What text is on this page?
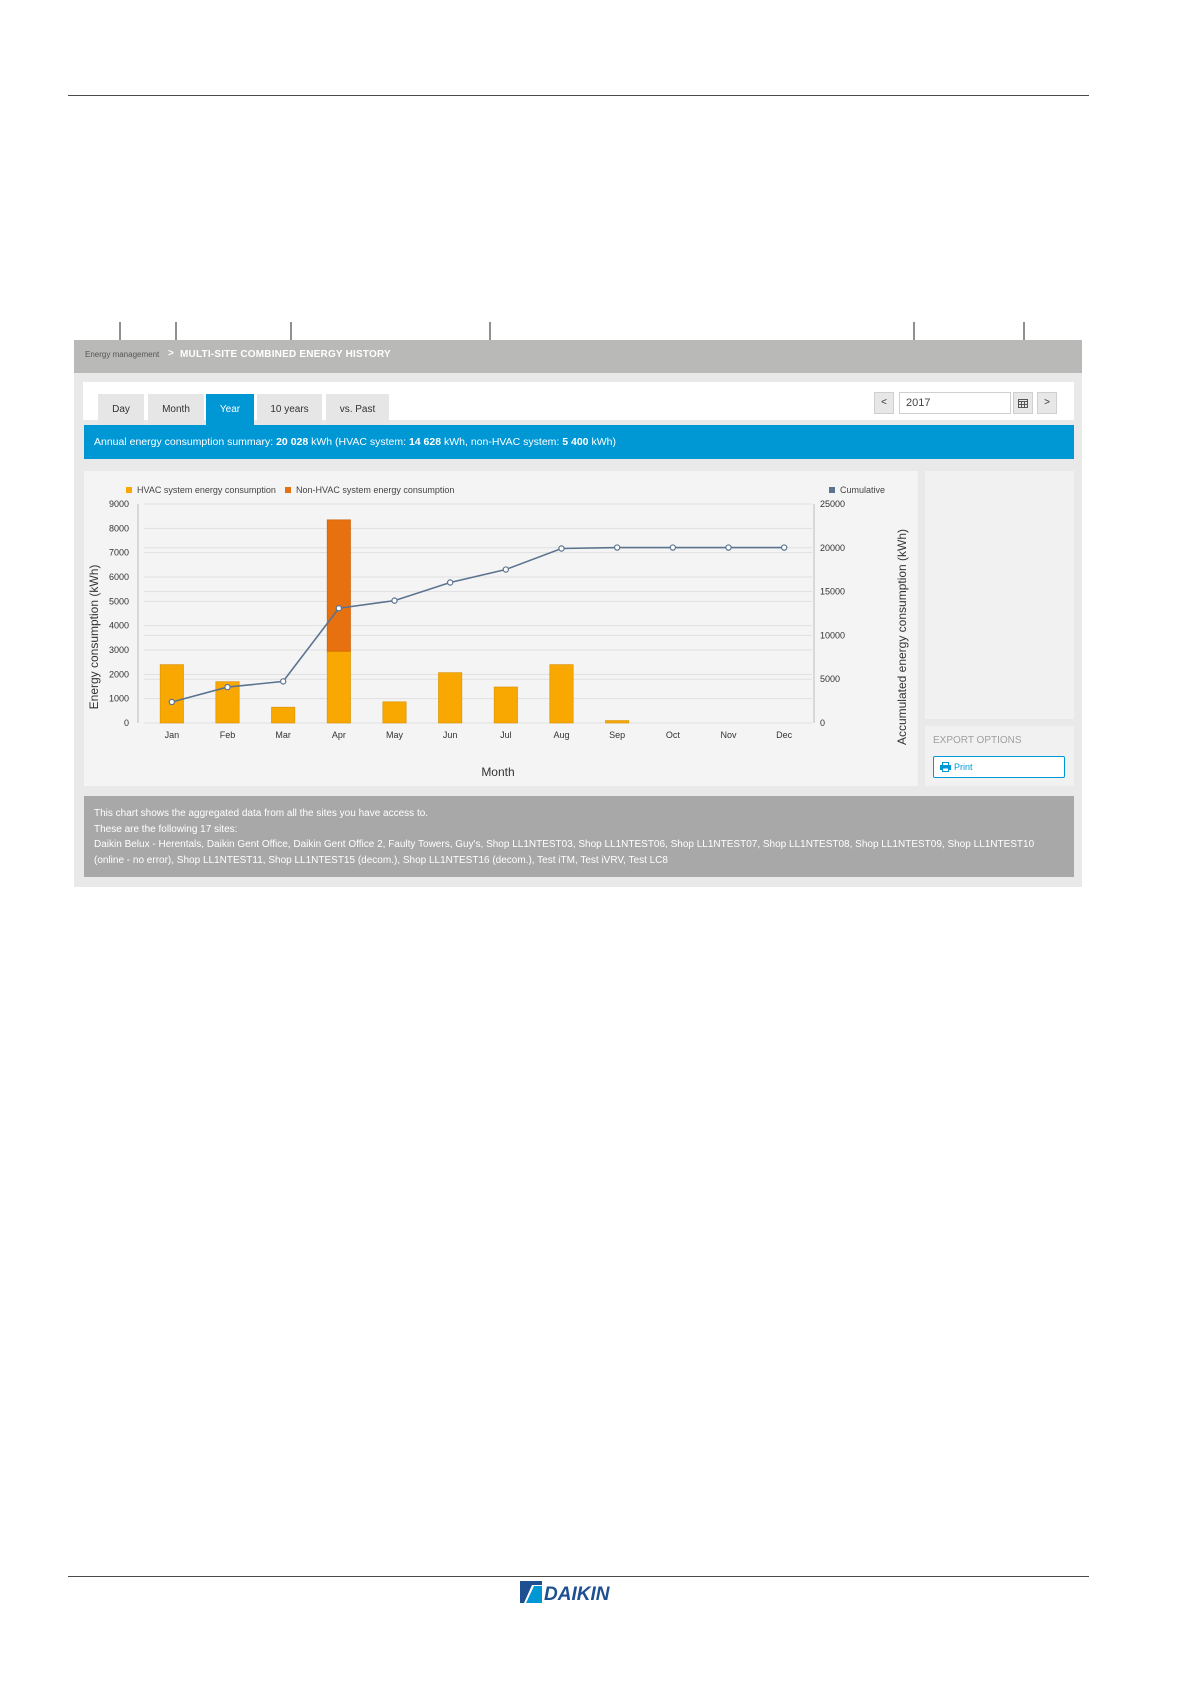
Energy management > MULTI-SITE COMBINED ENERGY HISTORY
Day	Month	Year	10 years	vs. Past
<	2017	>
Annual energy consumption summary: 20 028 kWh (HVAC system: 14 628 kWh, non-HVAC system: 5 400 kWh)
HVAC system energy consumption Non-HVAC system energy consumption	Cumulative
0
1000
2000
3000
4000
5000
6000
7000
8000
9000
0
5000
10000
15000
20000
25000
Jan	Feb	Mar	Apr	May	Jun	Jul	Aug	Sep	Oct	Nov	Dec
Month
Energy consumption (kWh)	Accumulated energy consumption (kWh) EXPORT OPTIONS
Print
This chart shows the aggregated data from all the sites you have access to.
These are the following 17 sites:
Daikin Belux - Herentals, Daikin Gent Office, Daikin Gent Office 2, Faulty Towers, Guy's, Shop LL1NTEST03, Shop LL1NTEST06, Shop LL1NTEST07, Shop LL1NTEST08, Shop LL1NTEST09, Shop LL1NTEST10 (online - no error), Shop LL1NTEST11, Shop LL1NTEST15 (decom.), Shop LL1NTEST16 (decom.), Test iTM, Test iVRV, Test LC8
DAIKIN
